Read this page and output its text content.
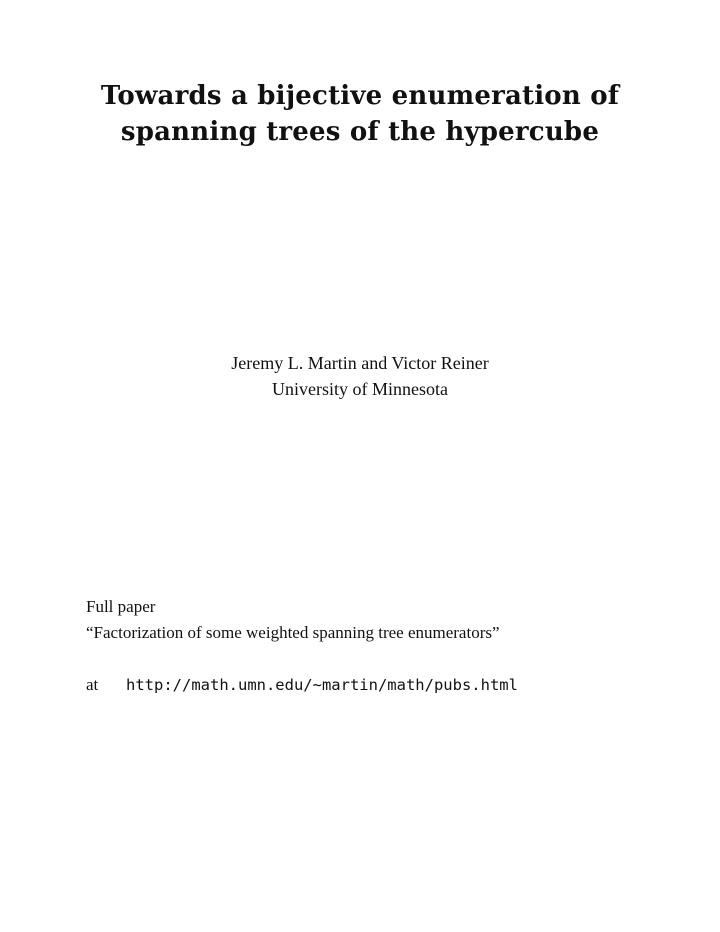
Towards a bijective enumeration of
spanning trees of the hypercube
Jeremy L. Martin and Victor Reiner
University of Minnesota
Full paper
“Factorization of some weighted spanning tree enumerators”
at	http://math.umn.edu/∼martin/math/pubs.html
